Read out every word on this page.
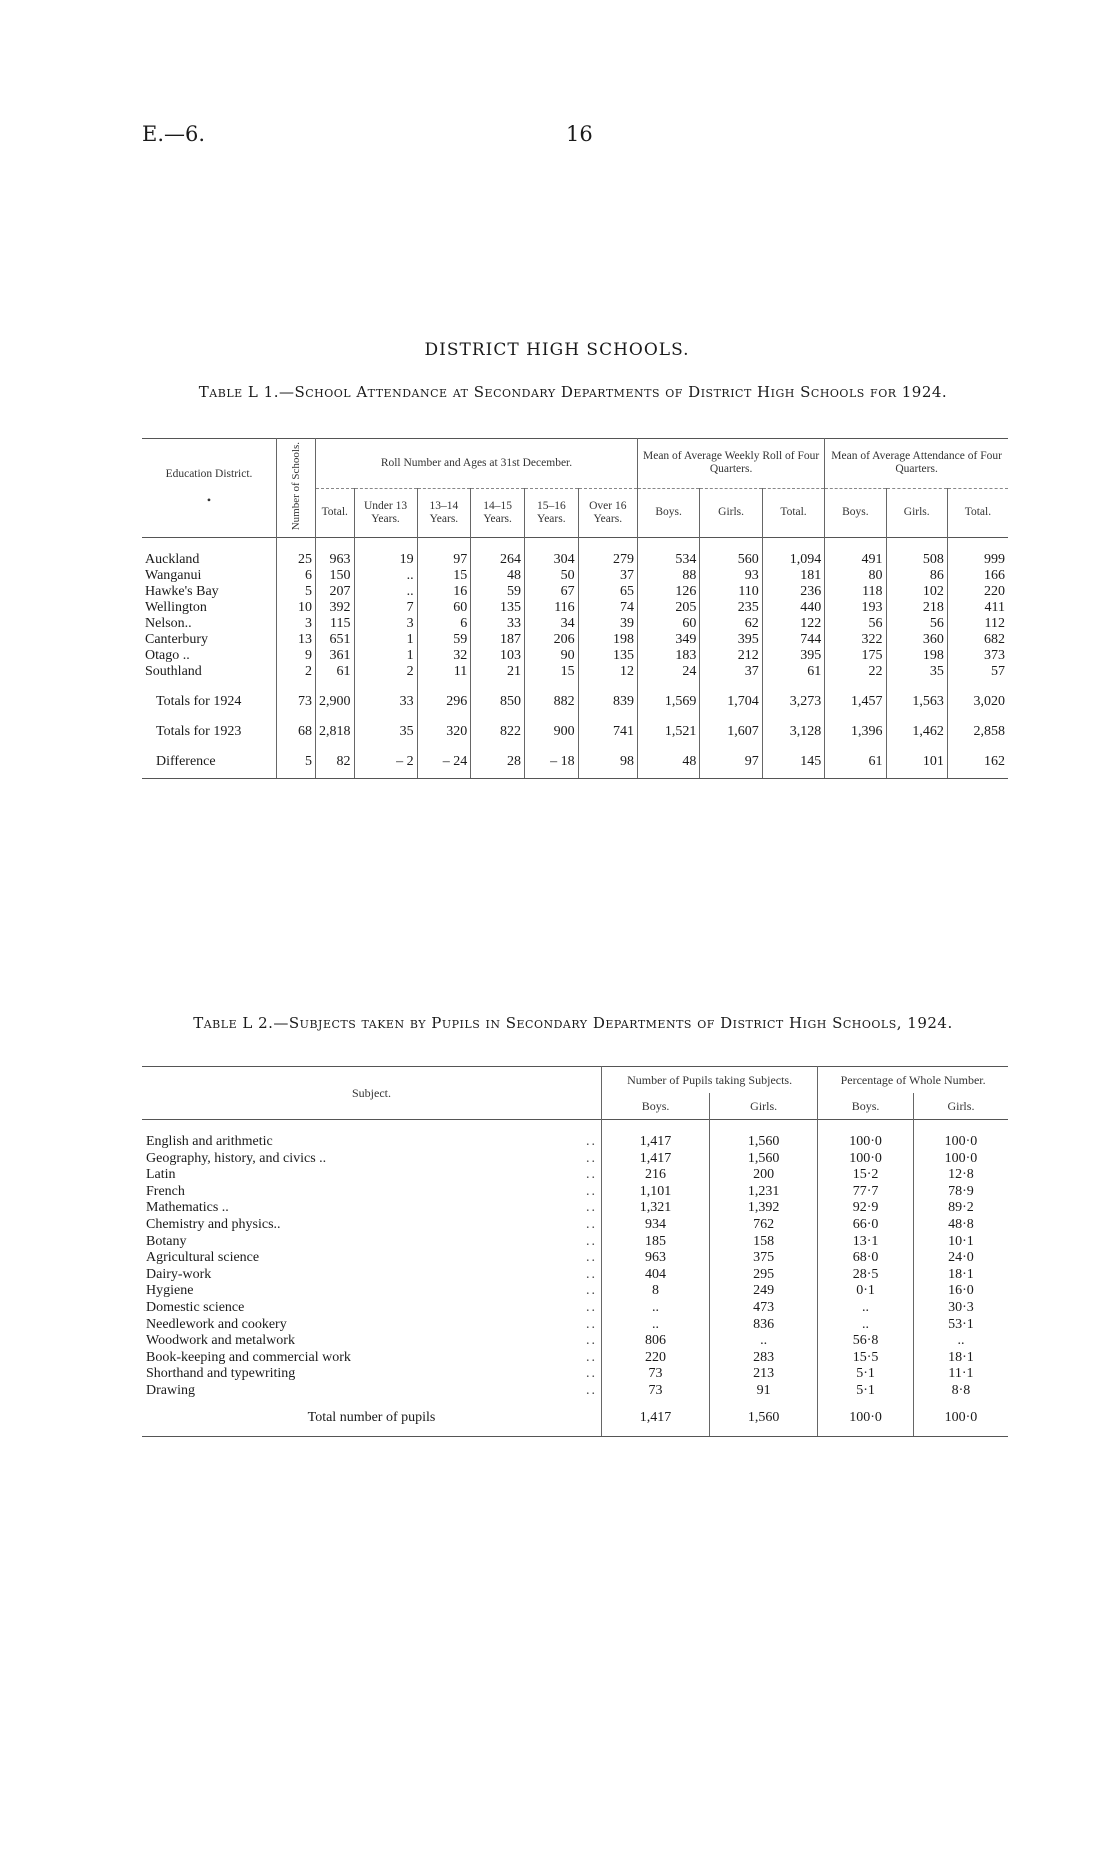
E.—6.	16
DISTRICT HIGH SCHOOLS.
Table L 1.—School Attendance at Secondary Departments of District High Schools for 1924.
Education District.

•	Number of Schools.	Roll Number and Ages at 31st December.						Mean of Average Weekly Roll of Four Quarters.			Mean of Average Attendance of Four Quarters.		
		Total.	Under 13 Years.	13–14 Years.	14–15 Years.	15–16 Years.	Over 16 Years.	Boys.	Girls.	Total.	Boys.	Girls.	Total.
Auckland	25	963	19	97	264	304	279	534	560	1,094	491	508	999
Wanganui	6	150	..	15	48	50	37	88	93	181	80	86	166
Hawke's Bay	5	207	..	16	59	67	65	126	110	236	118	102	220
Wellington	10	392	7	60	135	116	74	205	235	440	193	218	411
Nelson..	3	115	3	6	33	34	39	60	62	122	56	56	112
Canterbury	13	651	1	59	187	206	198	349	395	744	322	360	682
Otago ..	9	361	1	32	103	90	135	183	212	395	175	198	373
Southland	2	61	2	11	21	15	12	24	37	61	22	35	57
Totals for 1924	73	2,900	33	296	850	882	839	1,569	1,704	3,273	1,457	1,563	3,020
Totals for 1923	68	2,818	35	320	822	900	741	1,521	1,607	3,128	1,396	1,462	2,858
Difference	5	82	– 2	– 24	28	– 18	98	48	97	145	61	101	162
Table L 2.—Subjects taken by Pupils in Secondary Departments of District High Schools, 1924.
Subject.	Number of Pupils taking Subjects.		Percentage of Whole Number.	
	Boys.	Girls.	Boys.	Girls.

English and arithmetic ..	1,417	1,560	100·0	100·0

Geography, history, and civics .. ..	1,417	1,560	100·0	100·0

Latin ..	216	200	15·2	12·8

French ..	1,101	1,231	77·7	78·9

Mathematics .. ..	1,321	1,392	92·9	89·2

Chemistry and physics.. ..	934	762	66·0	48·8

Botany ..	185	158	13·1	10·1

Agricultural science ..	963	375	68·0	24·0

Dairy-work ..	404	295	28·5	18·1

Hygiene ..	8	249	0·1	16·0

Domestic science ..	..	473	..	30·3

Needlework and cookery ..	..	836	..	53·1

Woodwork and metalwork ..	806	..	56·8	..

Book-keeping and commercial work ..	220	283	15·5	18·1

Shorthand and typewriting ..	73	213	5·1	11·1

Drawing ..	73	91	5·1	8·8
Total number of pupils	1,417	1,560	100·0	100·0
